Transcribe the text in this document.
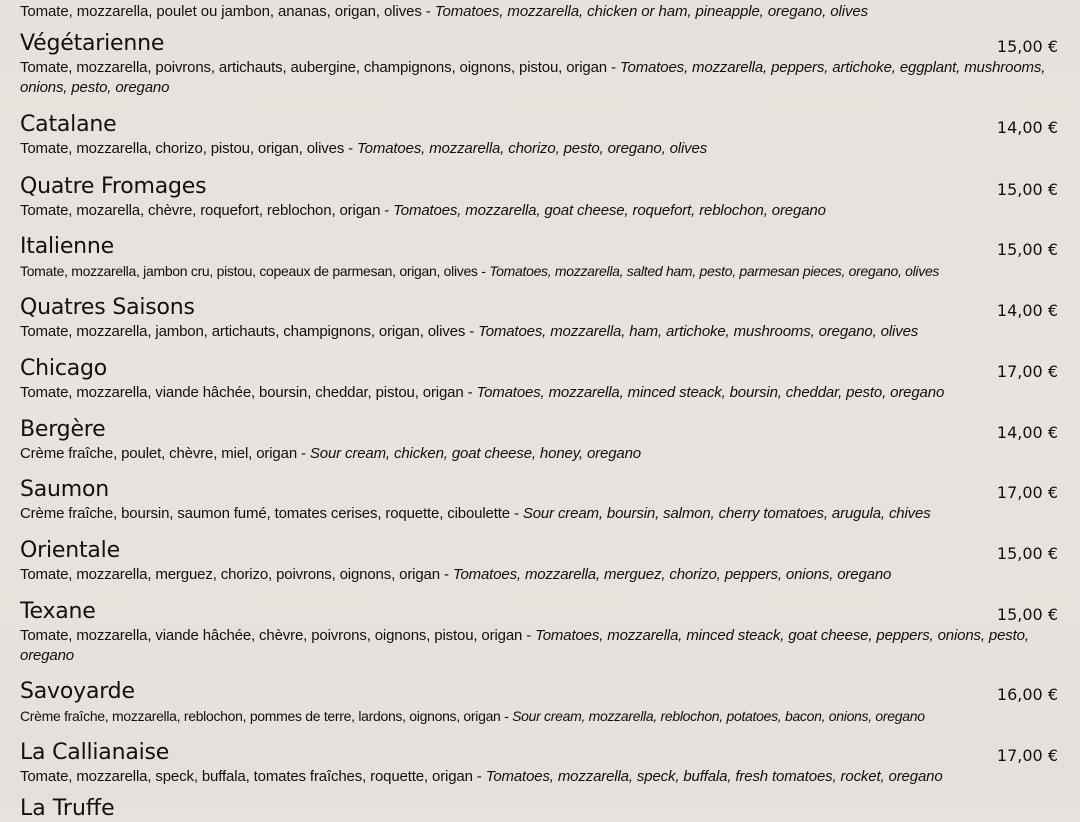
Tomate, mozzarella, poulet ou jambon, ananas, origan, olives - Tomatoes, mozzarella, chicken or ham, pineapple, oregano, olives
Végétarienne	15,00 €
Tomate, mozzarella, poivrons, artichauts, aubergine, champignons, oignons, pistou, origan - Tomatoes, mozzarella, peppers, artichoke, eggplant, mushrooms, onions, pesto, oregano
Catalane	14,00 €
Tomate, mozzarella, chorizo, pistou, origan, olives - Tomatoes, mozzarella, chorizo, pesto, oregano, olives
Quatre Fromages	15,00 €
Tomate, mozarella, chèvre, roquefort, reblochon, origan - Tomatoes, mozzarella, goat cheese, roquefort, reblochon, oregano
Italienne	15,00 €
Tomate, mozzarella, jambon cru, pistou, copeaux de parmesan, origan, olives - Tomatoes, mozzarella, salted ham, pesto, parmesan pieces, oregano, olives
Quatres Saisons	14,00 €
Tomate, mozzarella, jambon, artichauts, champignons, origan, olives - Tomatoes, mozzarella, ham, artichoke, mushrooms, oregano, olives
Chicago	17,00 €
Tomate, mozzarella, viande hâchée, boursin, cheddar, pistou, origan - Tomatoes, mozzarella, minced steack, boursin, cheddar, pesto, oregano
Bergère	14,00 €
Crème fraîche, poulet, chèvre, miel, origan - Sour cream, chicken, goat cheese, honey, oregano
Saumon	17,00 €
Crème fraîche, boursin, saumon fumé, tomates cerises, roquette, ciboulette - Sour cream, boursin, salmon, cherry tomatoes, arugula, chives
Orientale	15,00 €
Tomate, mozzarella, merguez, chorizo, poivrons, oignons, origan - Tomatoes, mozzarella, merguez, chorizo, peppers, onions, oregano
Texane	15,00 €
Tomate, mozzarella, viande hâchée, chèvre, poivrons, oignons, pistou, origan - Tomatoes, mozzarella, minced steack, goat cheese, peppers, onions, pesto, oregano
Savoyarde	16,00 €
Crème fraîche, mozzarella, reblochon, pommes de terre, lardons, oignons, origan - Sour cream, mozzarella, reblochon, potatoes, bacon, onions, oregano
La Callianaise	17,00 €
Tomate, mozzarella, speck, buffala, tomates fraîches, roquette, origan - Tomatoes, mozzarella, speck, buffala, fresh tomatoes, rocket, oregano
La Truffe
